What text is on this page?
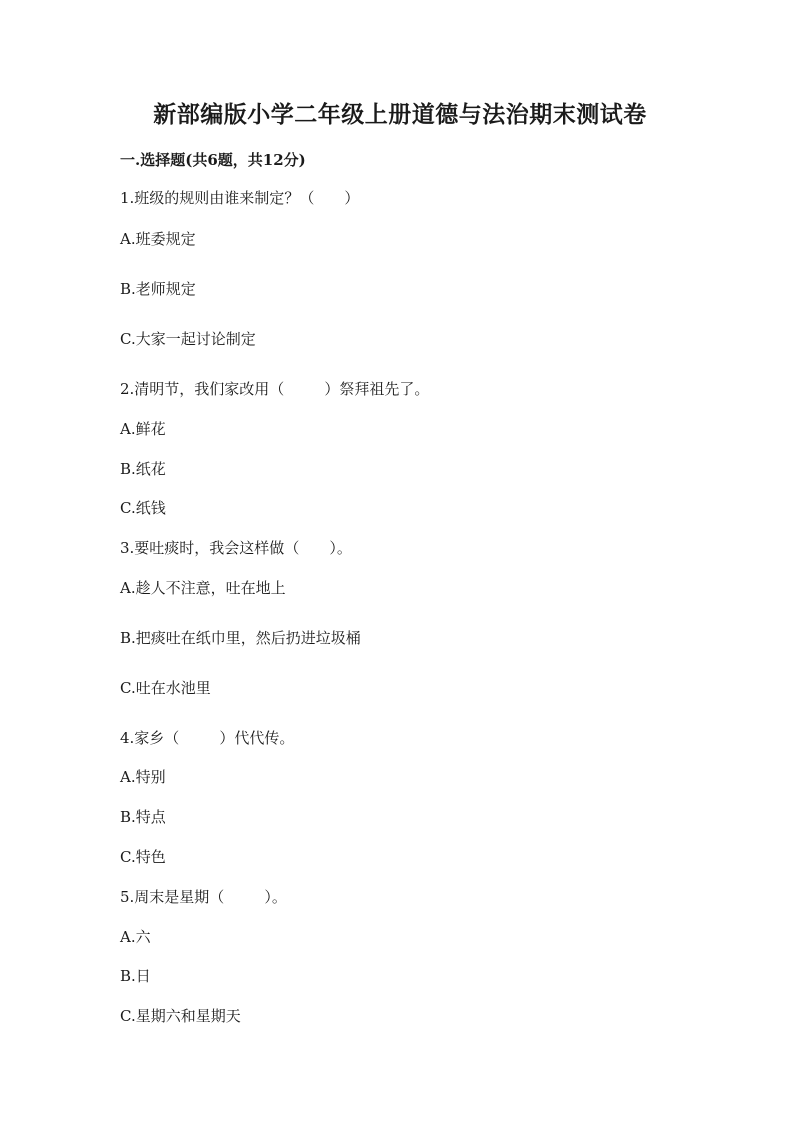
新部编版小学二年级上册道德与法治期末测试卷
一.选择题(共6题，共12分)
1.班级的规则由谁来制定？（ ）
A.班委规定
B.老师规定
C.大家一起讨论制定
2.清明节，我们家改用（	）祭拜祖先了。
A.鲜花
B.纸花
C.纸钱
3.要吐痰时，我会这样做（ ）。
A.趁人不注意，吐在地上
B.把痰吐在纸巾里，然后扔进垃圾桶
C.吐在水池里
4.家乡（	）代代传。
A.特别
B.特点
C.特色
5.周末是星期（	）。
A.六
B.日
C.星期六和星期天
